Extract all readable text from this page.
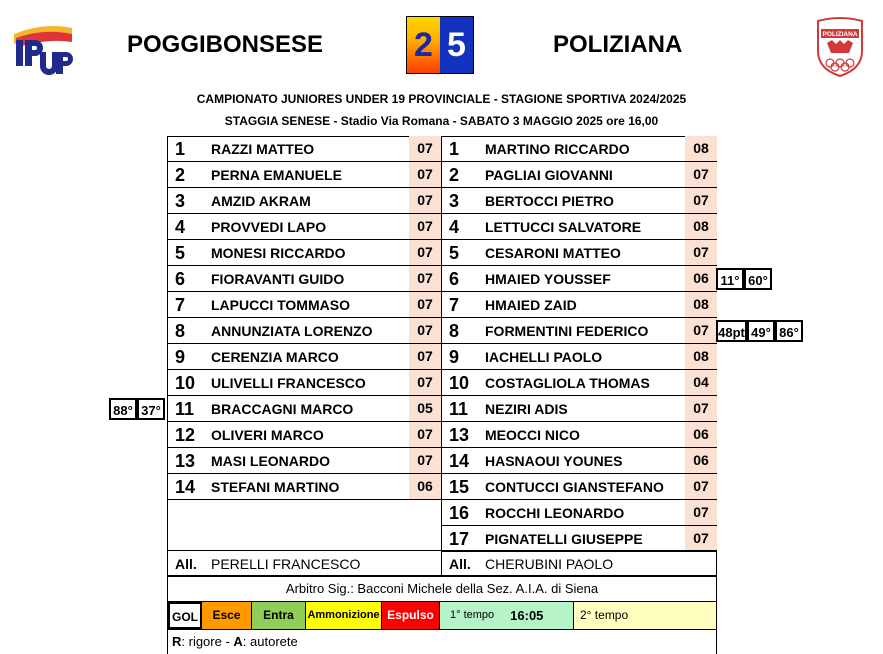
POGGIBONSESE	2 5	POLIZIANA	POLIZIANA
CAMPIONATO JUNIORES UNDER 19 PROVINCIALE - STAGIONE SPORTIVA 2024/2025
STAGGIA SENESE - Stadio Via Romana - SABATO 3 MAGGIO 2025 ore 16,00
1 RAZZI MATTEO	07
2 PERNA EMANUELE	07
3 AMZID AKRAM	07
4 PROVVEDI LAPO	07
5 MONESI RICCARDO	07
6 FIORAVANTI GUIDO	07
7 LAPUCCI TOMMASO	07
8 ANNUNZIATA LORENZO	07
9 CERENZIA MARCO	07
10 ULIVELLI FRANCESCO	07
11 BRACCAGNI MARCO	05
88° 37°
12 OLIVERI MARCO	07
13 MASI LEONARDO	07
14 STEFANI MARTINO	06
1 MARTINO RICCARDO	08
2 PAGLIAI GIOVANNI	07
3 BERTOCCI PIETRO	07
4 LETTUCCI SALVATORE	08
5 CESARONI MATTEO	07
6 HMAIED YOUSSEF	06 11° 60°
7 HMAIED ZAID	08
8 FORMENTINI FEDERICO	07 48pt 49° 86°
9 IACHELLI PAOLO	08
10 COSTAGLIOLA THOMAS	04
11 NEZIRI ADIS	07
13 MEOCCI NICO	06
14 HASNAOUI YOUNES	06
15 CONTUCCI GIANSTEFANO	07
16 ROCCHI LEONARDO	07
17 PIGNATELLI GIUSEPPE	07
All. PERELLI FRANCESCO	All. CHERUBINI PAOLO
Arbitro Sig.: Bacconi Michele della Sez. A.I.A. di Siena
GOL	Esce	Entra	Ammonizione Espulso	1° tempo 16:05	2° tempo
R: rigore - A: autorete
